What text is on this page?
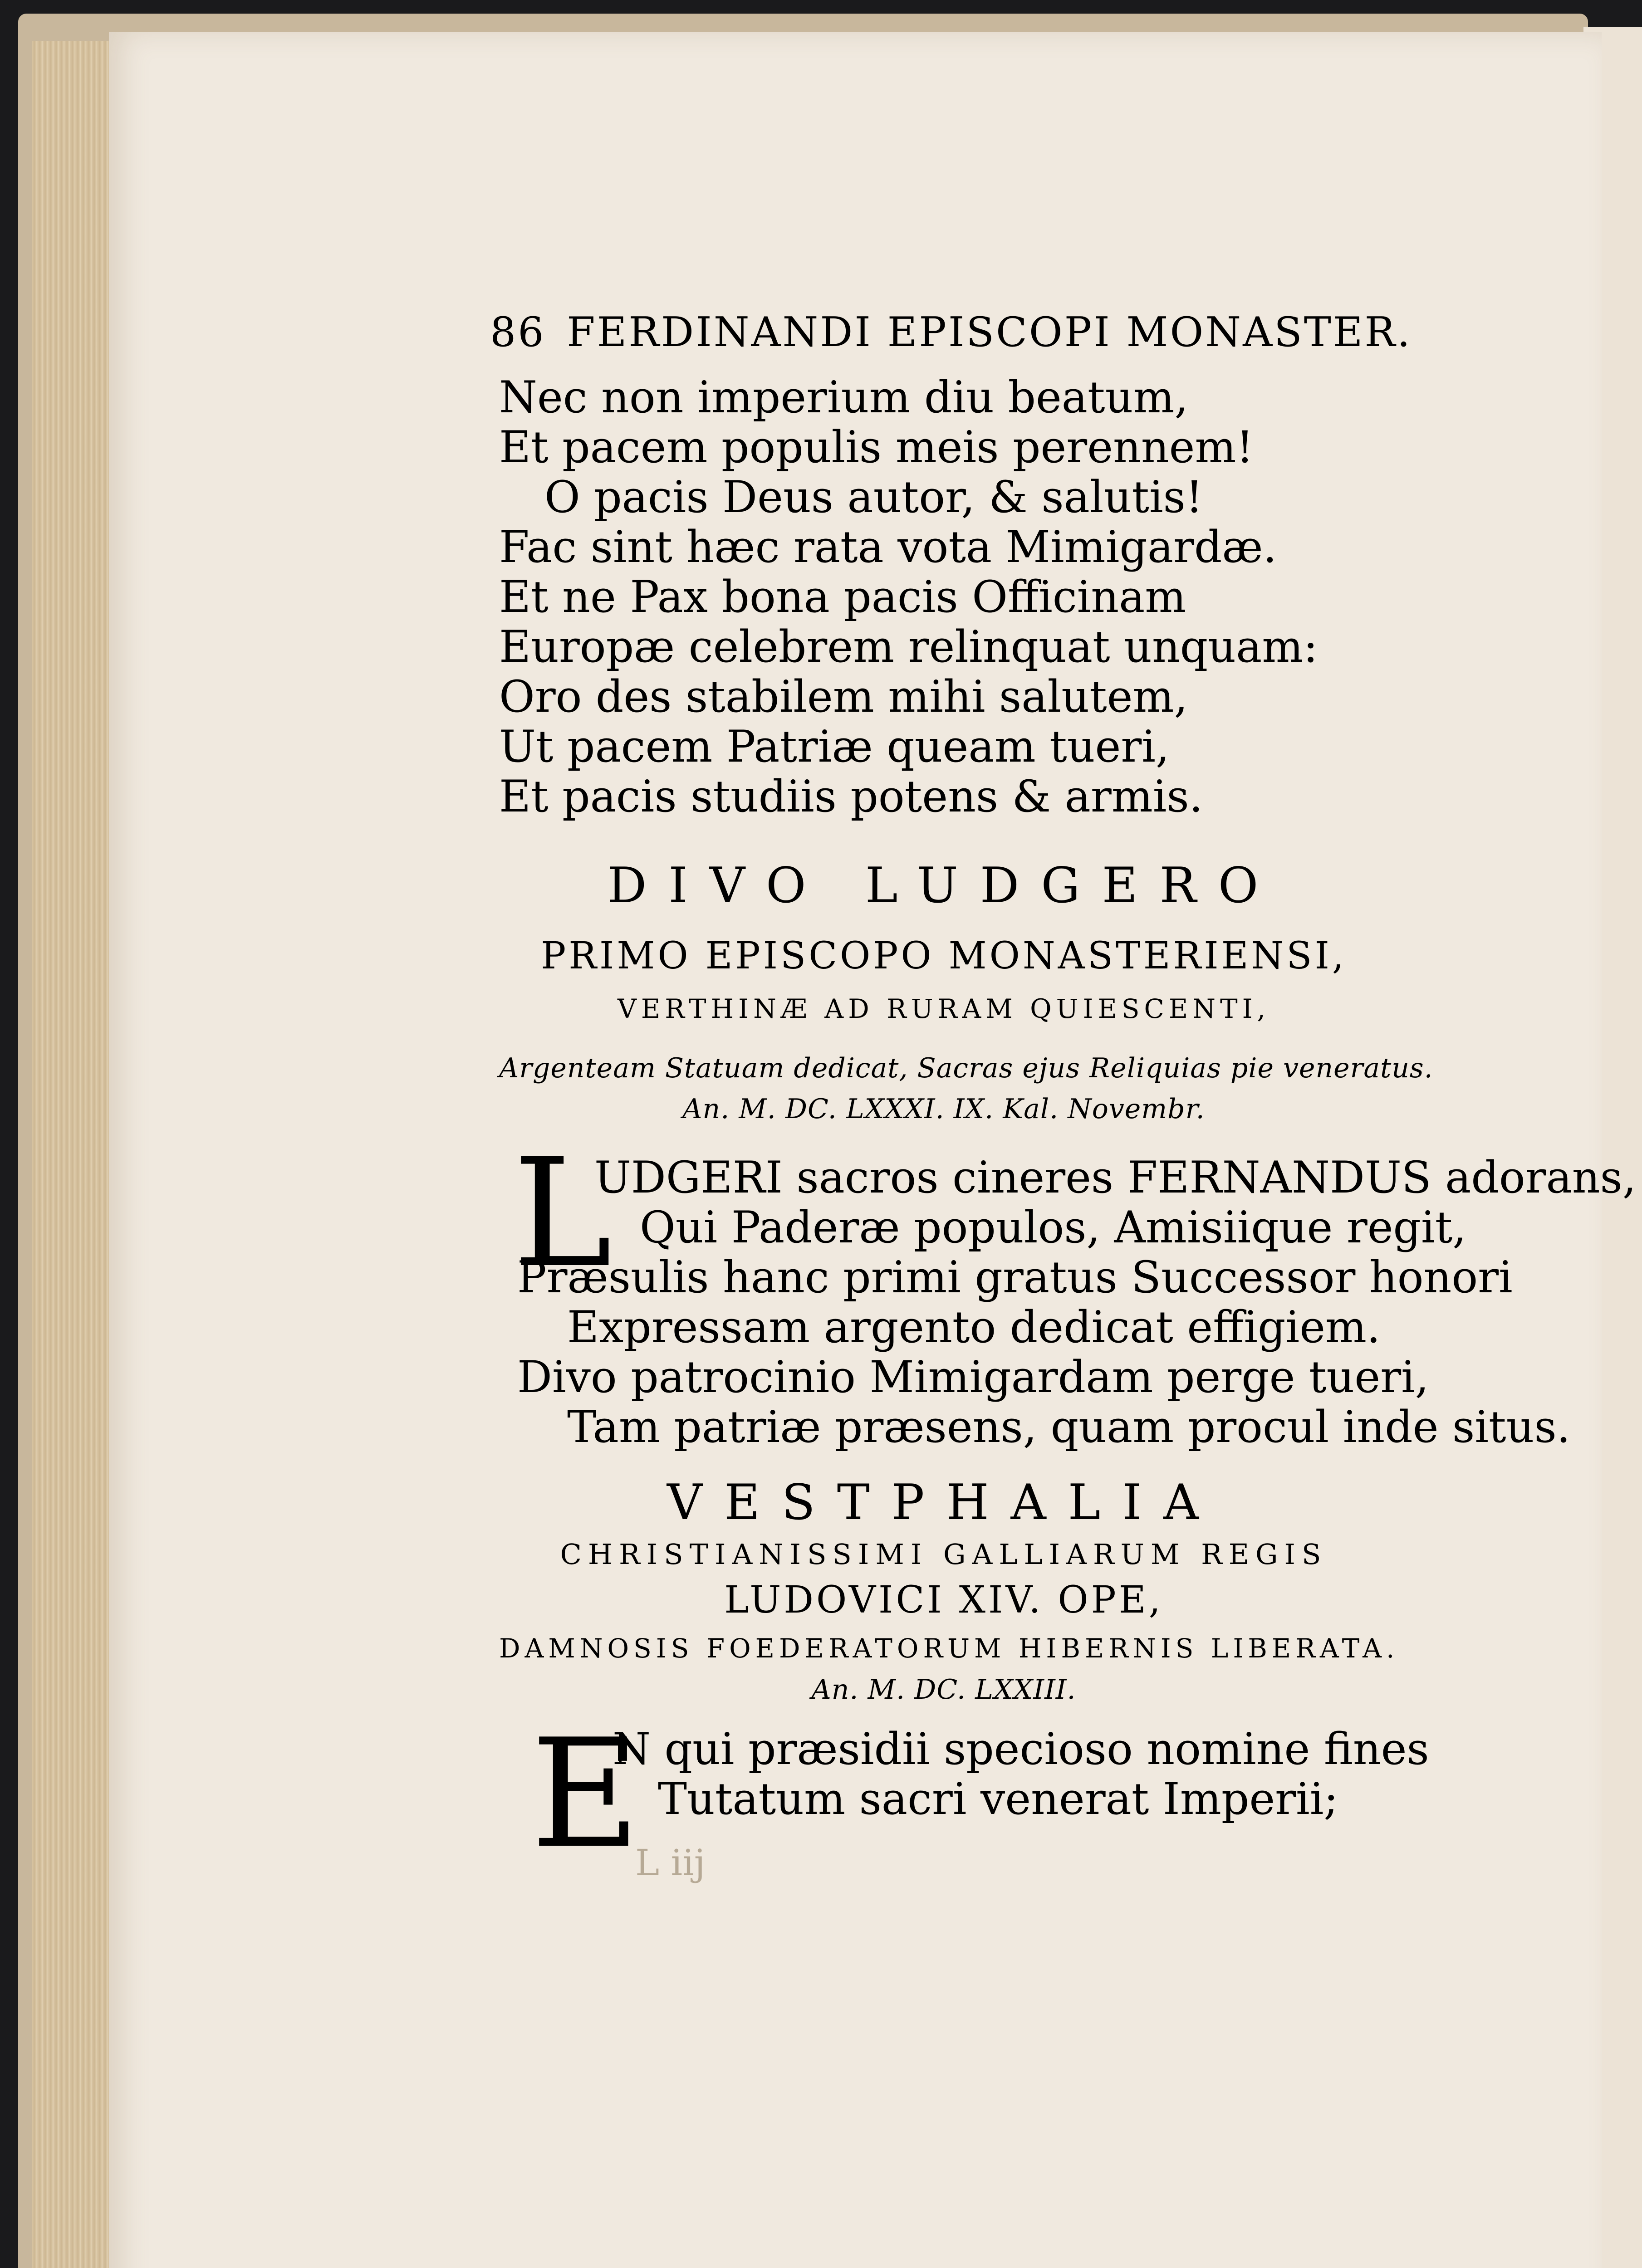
86 FERDINANDI EPISCOPI MONASTER.
Nec non imperium diu beatum,
Et pacem populis meis perennem!
O pacis Deus autor, & salutis!
Fac sint hæc rata vota Mimigardæ.
Et ne Pax bona pacis Officinam
Europæ celebrem relinquat unquam:
Oro des stabilem mihi salutem,
Ut pacem Patriæ queam tueri,
Et pacis studiis potens & armis.
DIVO LUDGERO
PRIMO EPISCOPO MONASTERIENSI,
VERTHINÆ AD RURAM QUIESCENTI,
Argenteam Statuam dedicat, Sacras ejus Reliquias pie veneratus.
An. M. DC. LXXXI. IX. Kal. Novembr.
L
UDGERI sacros cineres FERNANDUS adorans,
Qui Paderæ populos, Amisiique regit,
Præsulis hanc primi gratus Successor honori
Expressam argento dedicat effigiem.
Divo patrocinio Mimigardam perge tueri,
Tam patriæ præsens, quam procul inde situs.
VESTPHALIA
CHRISTIANISSIMI GALLIARUM REGIS
LUDOVICI XIV. OPE,
DAMNOSIS FOEDERATORUM HIBERNIS LIBERATA.
An. M. DC. LXXIII.
E
N qui præsidii specioso nomine fines
Tutatum sacri venerat Imperii;
L iij
